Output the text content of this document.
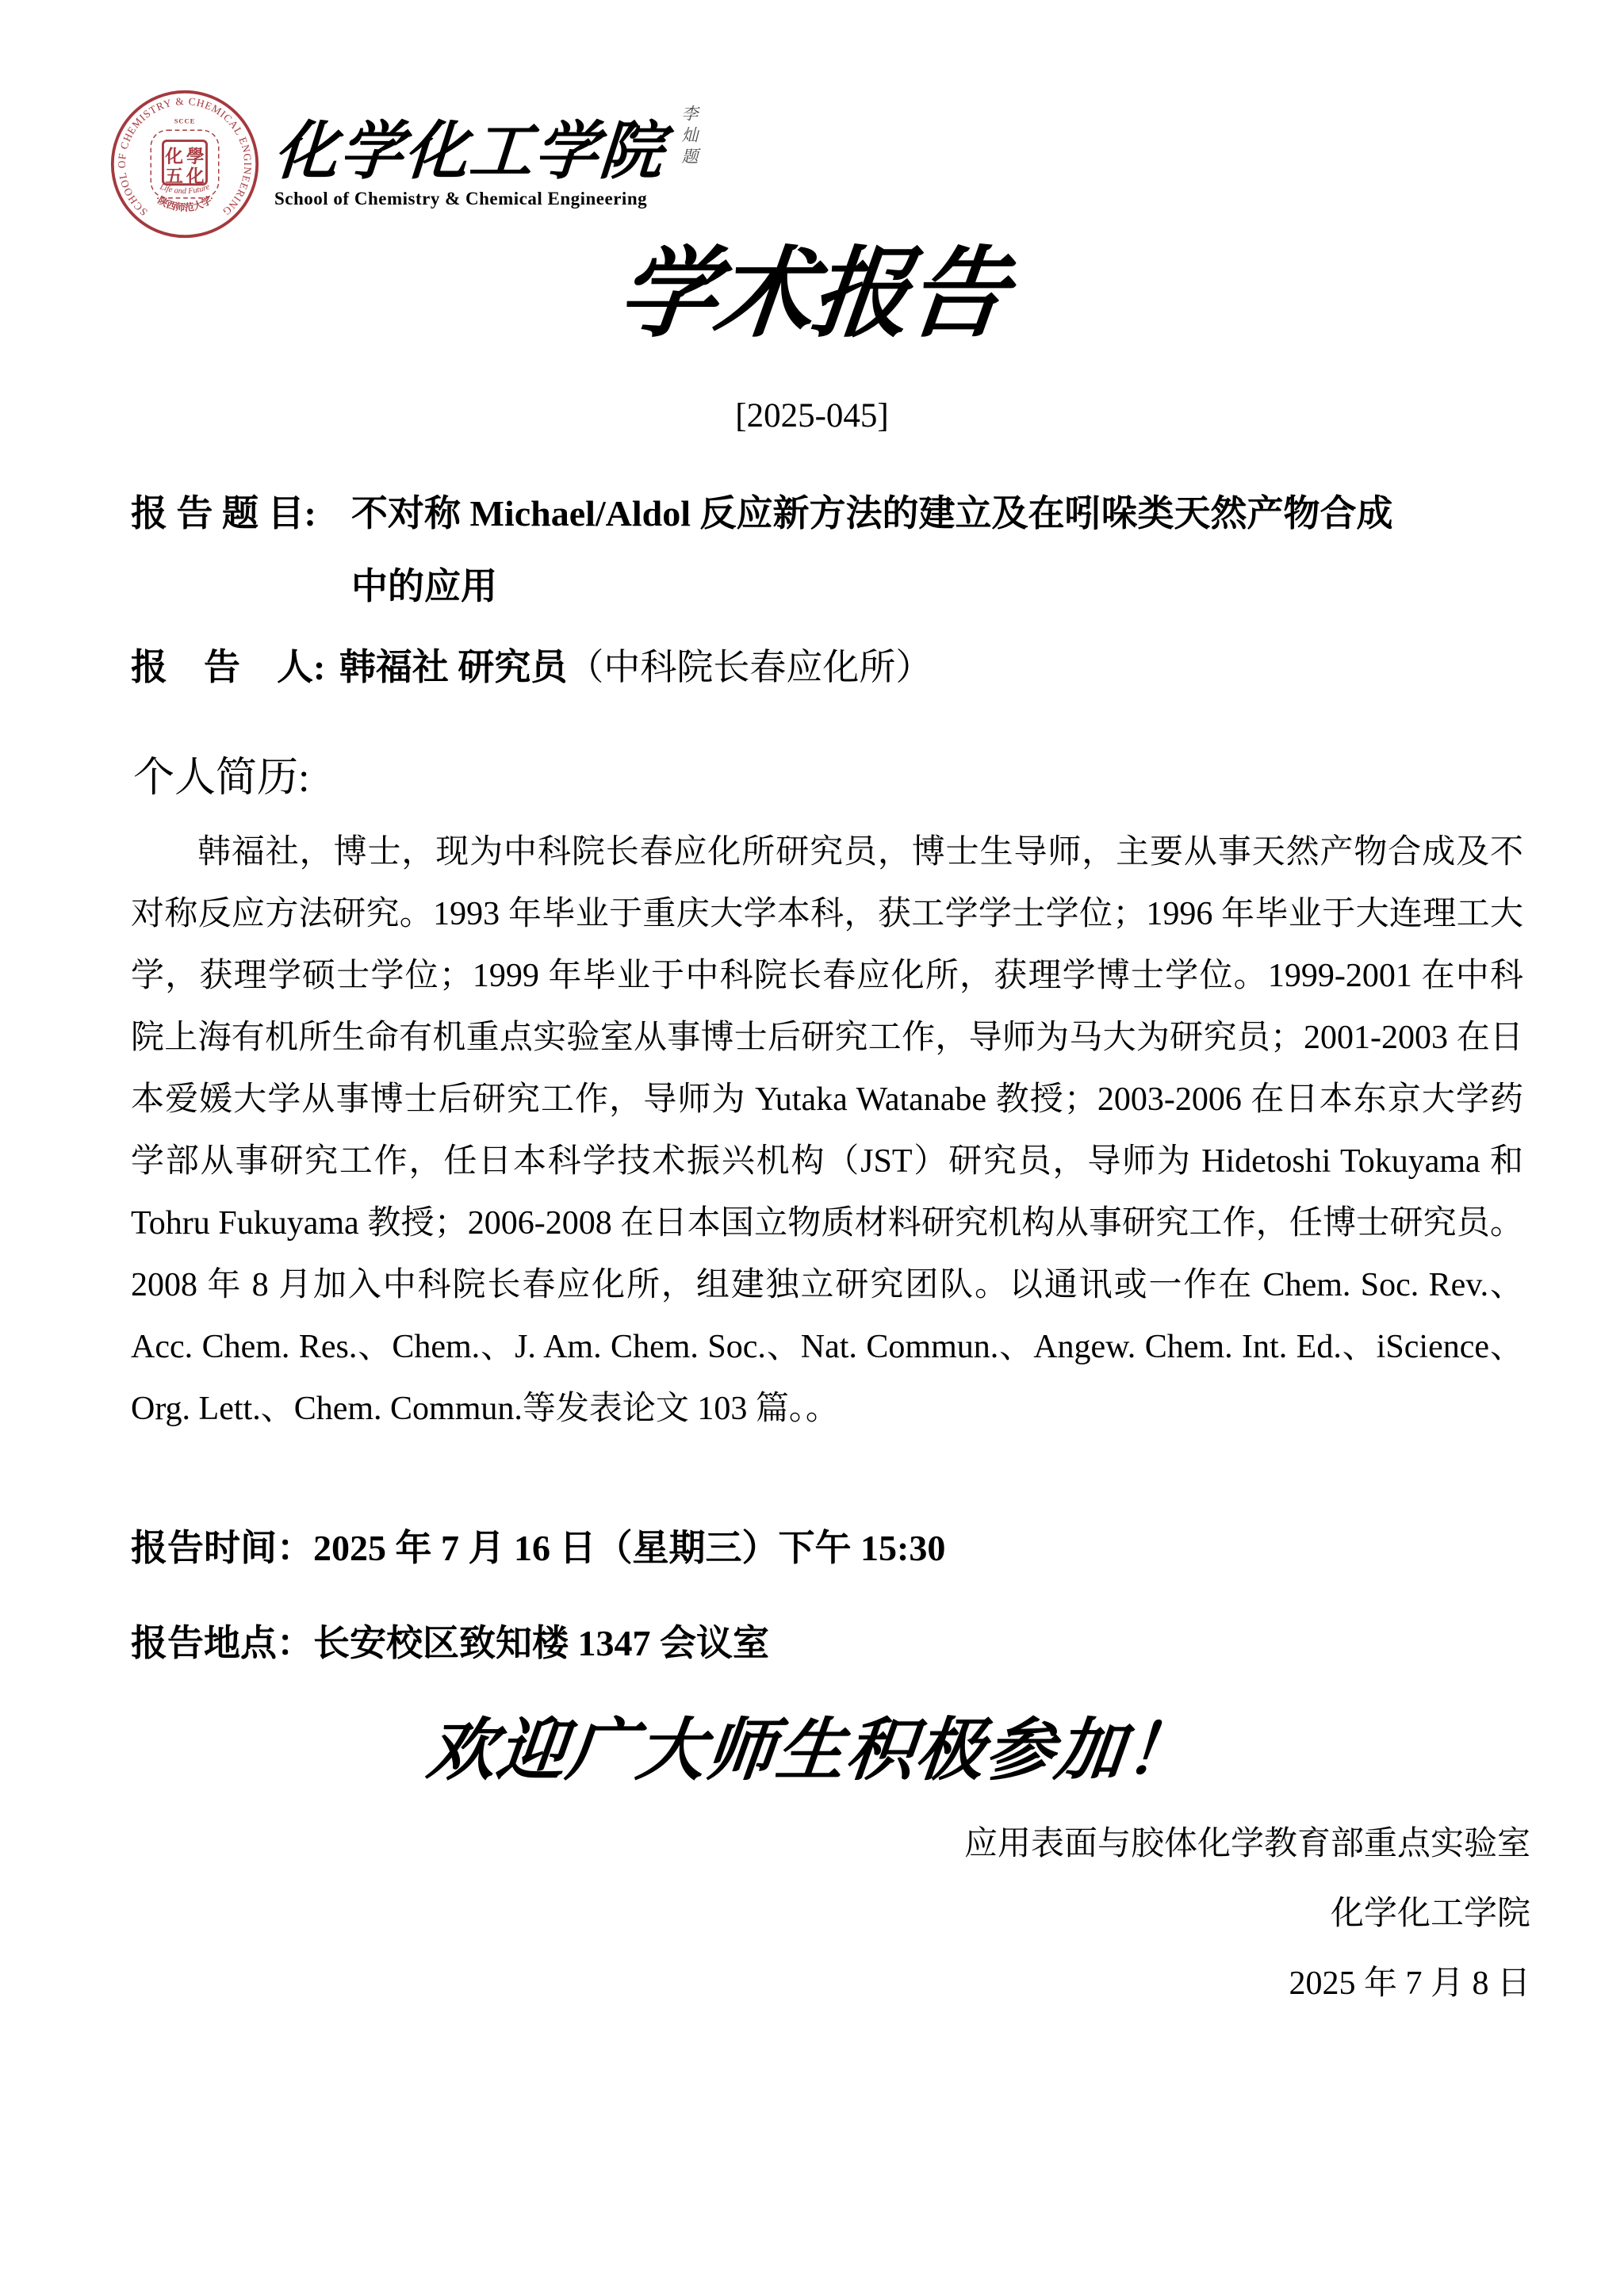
SCHOOL OF CHEMISTRY & CHEMICAL ENGINEERING
SCCE
化 學
五 化
Life and Future
·陕西师范大学·
化学化工学院
School of Chemistry & Chemical Engineering
李灿题
学术报告
[2025-045]
报 告 题 目: 不对称 Michael/Aldol 反应新方法的建立及在吲哚类天然产物合成
中的应用
报　告　人: 韩福社 研究员（中科院长春应化所）
个人简历:

韩福社，博士，现为中科院长春应化所研究员，博士生导师，主要从事天然产物合成及不对称反应方法研究。1993 年毕业于重庆大学本科，获工学学士学位；1996 年毕业于大连理工大学，获理学硕士学位；1999 年毕业于中科院长春应化所，获理学博士学位。1999-2001 在中科院上海有机所生命有机重点实验室从事博士后研究工作，导师为马大为研究员；2001-2003 在日本爱媛大学从事博士后研究工作，导师为 Yutaka Watanabe 教授；2003-2006 在日本东京大学药学部从事研究工作，任日本科学技术振兴机构（JST）研究员，导师为 Hidetoshi Tokuyama 和 Tohru Fukuyama 教授；2006-2008 在日本国立物质材料研究机构从事研究工作，任博士研究员。2008 年 8 月加入中科院长春应化所，组建独立研究团队。以通讯或一作在 Chem. Soc. Rev.、Acc. Chem. Res.、Chem.、J. Am. Chem. Soc.、Nat. Commun.、Angew. Chem. Int. Ed.、iScience、Org. Lett.、Chem. Commun.等发表论文 103 篇。。

报告时间：2025 年 7 月 16 日（星期三）下午 15:30
报告地点：长安校区致知楼 1347 会议室
欢迎广大师生积极参加！
应用表面与胶体化学教育部重点实验室
化学化工学院
2025 年 7 月 8 日
